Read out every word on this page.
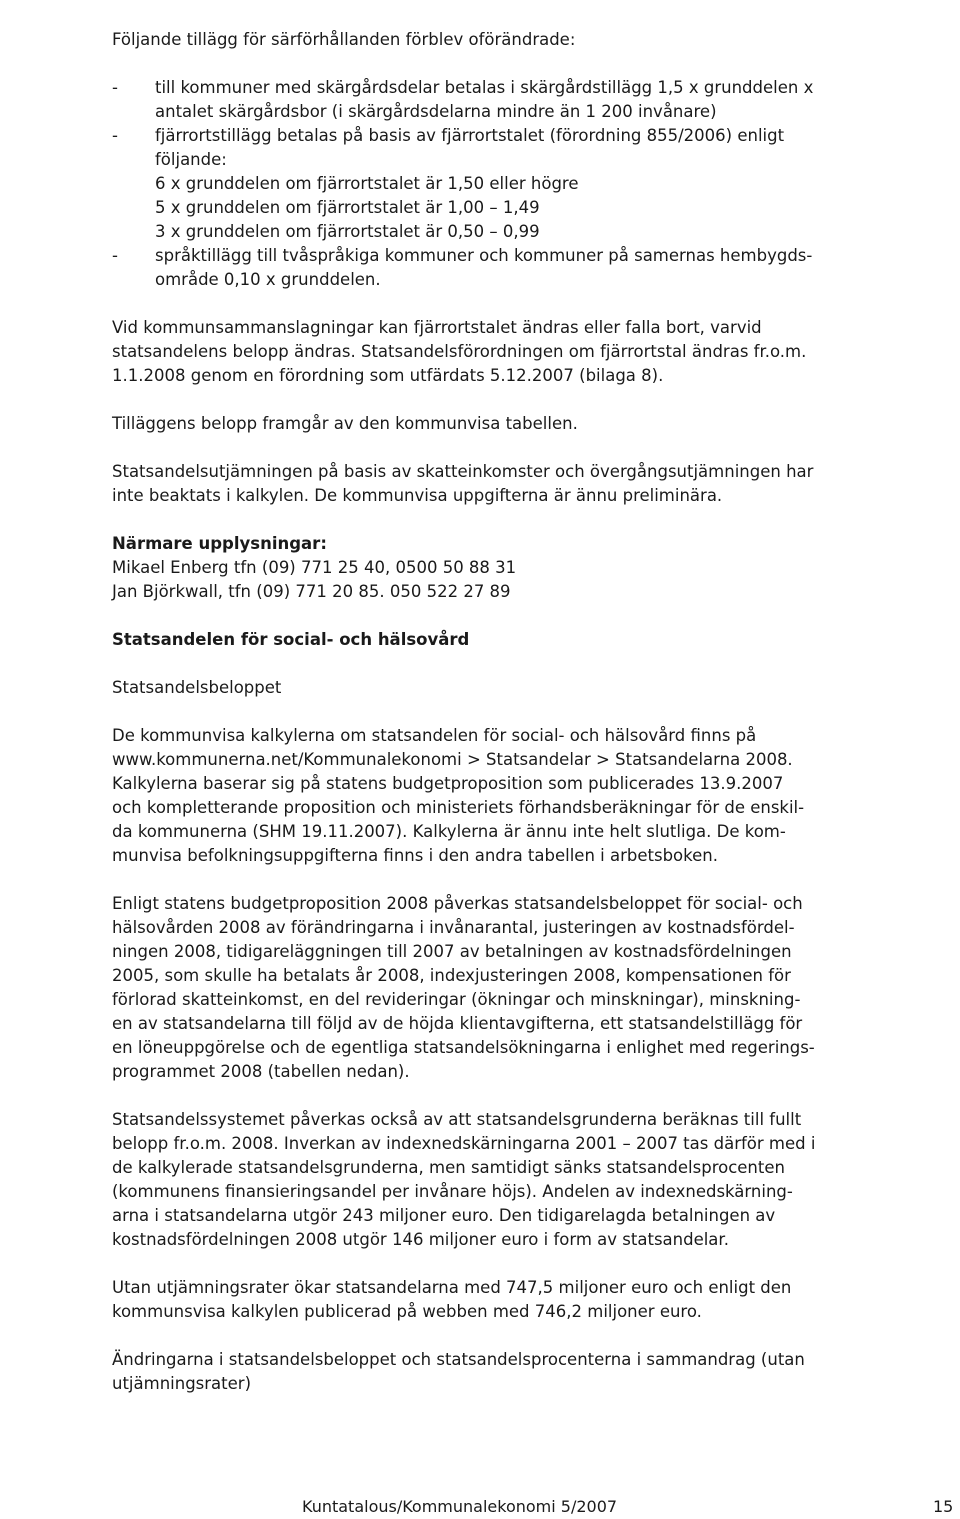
Följande tillägg för särförhållanden förblev oförändrade:
- till kommuner med skärgårdsdelar betalas i skärgårdstillägg 1,5 x grunddelen x
antalet skärgårdsbor (i skärgårdsdelarna mindre än 1 200 invånare)
- fjärrortstillägg betalas på basis av fjärrortstalet (förordning 855/2006) enligt
följande:
6 x grunddelen om fjärrortstalet är 1,50 eller högre
5 x grunddelen om fjärrortstalet är 1,00 – 1,49
3 x grunddelen om fjärrortstalet är 0,50 – 0,99
- språktillägg till tvåspråkiga kommuner och kommuner på samernas hembygds-
område 0,10 x grunddelen.
Vid kommunsammanslagningar kan fjärrortstalet ändras eller falla bort, varvid
statsandelens belopp ändras. Statsandelsförordningen om fjärrortstal ändras fr.o.m.
1.1.2008 genom en förordning som utfärdats 5.12.2007 (bilaga 8).
Tilläggens belopp framgår av den kommunvisa tabellen.
Statsandelsutjämningen på basis av skatteinkomster och övergångsutjämningen har
inte beaktats i kalkylen. De kommunvisa uppgifterna är ännu preliminära.
Närmare upplysningar:
Mikael Enberg tfn (09) 771 25 40, 0500 50 88 31
Jan Björkwall, tfn (09) 771 20 85. 050 522 27 89
Statsandelen för social- och hälsovård
Statsandelsbeloppet
De kommunvisa kalkylerna om statsandelen för social- och hälsovård finns på
www.kommunerna.net/Kommunalekonomi > Statsandelar > Statsandelarna 2008.
Kalkylerna baserar sig på statens budgetproposition som publicerades 13.9.2007
och kompletterande proposition och ministeriets förhandsberäkningar för de enskil-
da kommunerna (SHM 19.11.2007). Kalkylerna är ännu inte helt slutliga. De kom-
munvisa befolkningsuppgifterna finns i den andra tabellen i arbetsboken.
Enligt statens budgetproposition 2008 påverkas statsandelsbeloppet för social- och
hälsovården 2008 av förändringarna i invånarantal, justeringen av kostnadsfördel-
ningen 2008, tidigareläggningen till 2007 av betalningen av kostnadsfördelningen
2005, som skulle ha betalats år 2008, indexjusteringen 2008, kompensationen för
förlorad skatteinkomst, en del revideringar (ökningar och minskningar), minskning-
en av statsandelarna till följd av de höjda klientavgifterna, ett statsandelstillägg för
en löneuppgörelse och de egentliga statsandelsökningarna i enlighet med regerings-
programmet 2008 (tabellen nedan).
Statsandelssystemet påverkas också av att statsandelsgrunderna beräknas till fullt
belopp fr.o.m. 2008. Inverkan av indexnedskärningarna 2001 – 2007 tas därför med i
de kalkylerade statsandelsgrunderna, men samtidigt sänks statsandelsprocenten
(kommunens finansieringsandel per invånare höjs). Andelen av indexnedskärning-
arna i statsandelarna utgör 243 miljoner euro. Den tidigarelagda betalningen av
kostnadsfördelningen 2008 utgör 146 miljoner euro i form av statsandelar.
Utan utjämningsrater ökar statsandelarna med 747,5 miljoner euro och enligt den
kommunsvisa kalkylen publicerad på webben med 746,2 miljoner euro.
Ändringarna i statsandelsbeloppet och statsandelsprocenterna i sammandrag (utan
utjämningsrater)
Kuntatalous/Kommunalekonomi 5/2007	15
